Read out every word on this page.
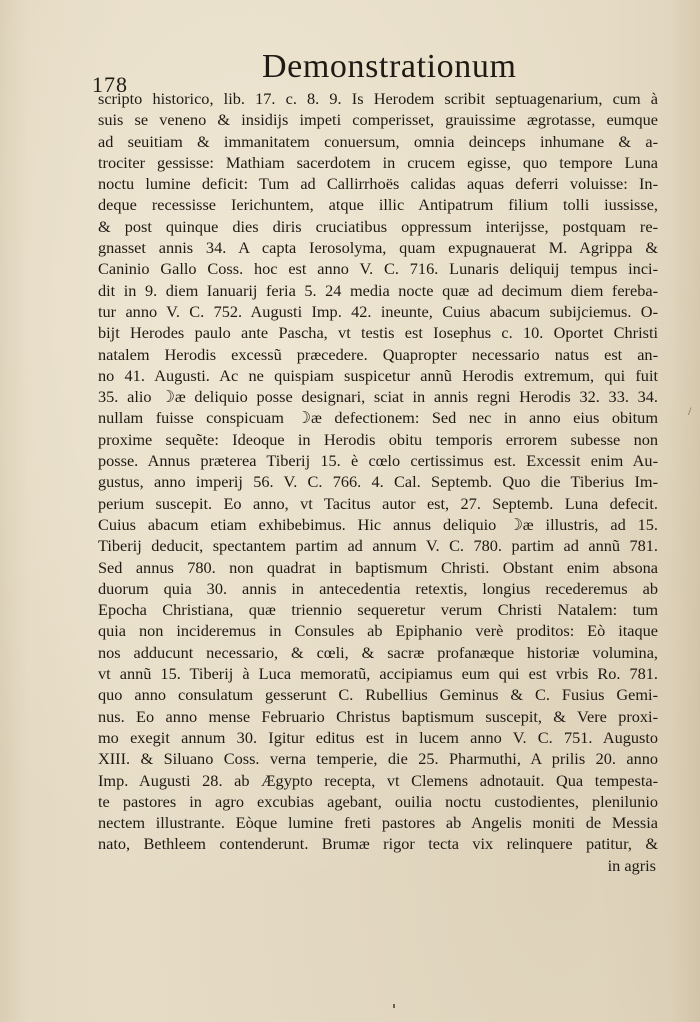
178	Demonstrationum
scripto historico, lib. 17. c. 8. 9. Is Herodem scribit septuagenarium, cum à
suis se veneno & insidijs impeti comperisset, grauissime ægrotasse, eumque
ad seuitiam & immanitatem conuersum, omnia deinceps inhumane & a-
trociter gessisse: Mathiam sacerdotem in crucem egisse, quo tempore Luna
noctu lumine deficit: Tum ad Callirrhoës calidas aquas deferri voluisse: In-
deque recessisse Ierichuntem, atque illic Antipatrum filium tolli iussisse,
& post quinque dies diris cruciatibus oppressum interijsse, postquam re-
gnasset annis 34. A capta Ierosolyma, quam expugnauerat M. Agrippa &
Caninio Gallo Coss. hoc est anno V. C. 716. Lunaris deliquij tempus inci-
dit in 9. diem Ianuarij feria 5. 24 media nocte quæ ad decimum diem fereba-
tur anno V. C. 752. Augusti Imp. 42. ineunte, Cuius abacum subijciemus. O-
bijt Herodes paulo ante Pascha, vt testis est Iosephus c. 10. Oportet Christi
natalem Herodis excessũ præcedere. Quapropter necessario natus est an-
no 41. Augusti. Ac ne quispiam suspicetur annũ Herodis extremum, qui fuit
35. alio ☽æ deliquio posse designari, sciat in annis regni Herodis 32. 33. 34.
nullam fuisse conspicuam ☽æ defectionem: Sed nec in anno eius obitum
proxime sequẽte: Ideoque in Herodis obitu temporis errorem subesse non
posse. Annus præterea Tiberij 15. è cœlo certissimus est. Excessit enim Au-
gustus, anno imperij 56. V. C. 766. 4. Cal. Septemb. Quo die Tiberius Im-
perium suscepit. Eo anno, vt Tacitus autor est, 27. Septemb. Luna defecit.
Cuius abacum etiam exhibebimus. Hic annus deliquio ☽æ illustris, ad 15.
Tiberij deducit, spectantem partim ad annum V. C. 780. partim ad annũ 781.
Sed annus 780. non quadrat in baptismum Christi. Obstant enim absona
duorum quia 30. annis in antecedentia retextis, longius recederemus ab
Epocha Christiana, quæ triennio sequeretur verum Christi Natalem: tum
quia non incideremus in Consules ab Epiphanio verè proditos: Eò itaque
nos adducunt necessario, & cœli, & sacræ profanæque historiæ volumina,
vt annũ 15. Tiberij à Luca memoratũ, accipiamus eum qui est vrbis Ro. 781.
quo anno consulatum gesserunt C. Rubellius Geminus & C. Fusius Gemi-
nus. Eo anno mense Februario Christus baptismum suscepit, & Vere proxi-
mo exegit annum 30. Igitur editus est in lucem anno V. C. 751. Augusto
XIII. & Siluano Coss. verna temperie, die 25. Pharmuthi, A prilis 20. anno
Imp. Augusti 28. ab Ægypto recepta, vt Clemens adnotauit. Qua tempesta-
te pastores in agro excubias agebant, ouilia noctu custodientes, plenilunio
nectem illustrante. Eòque lumine freti pastores ab Angelis moniti de Messia
nato, Bethleem contenderunt. Brumæ rigor tecta vix relinquere patitur, &
in agris
/
